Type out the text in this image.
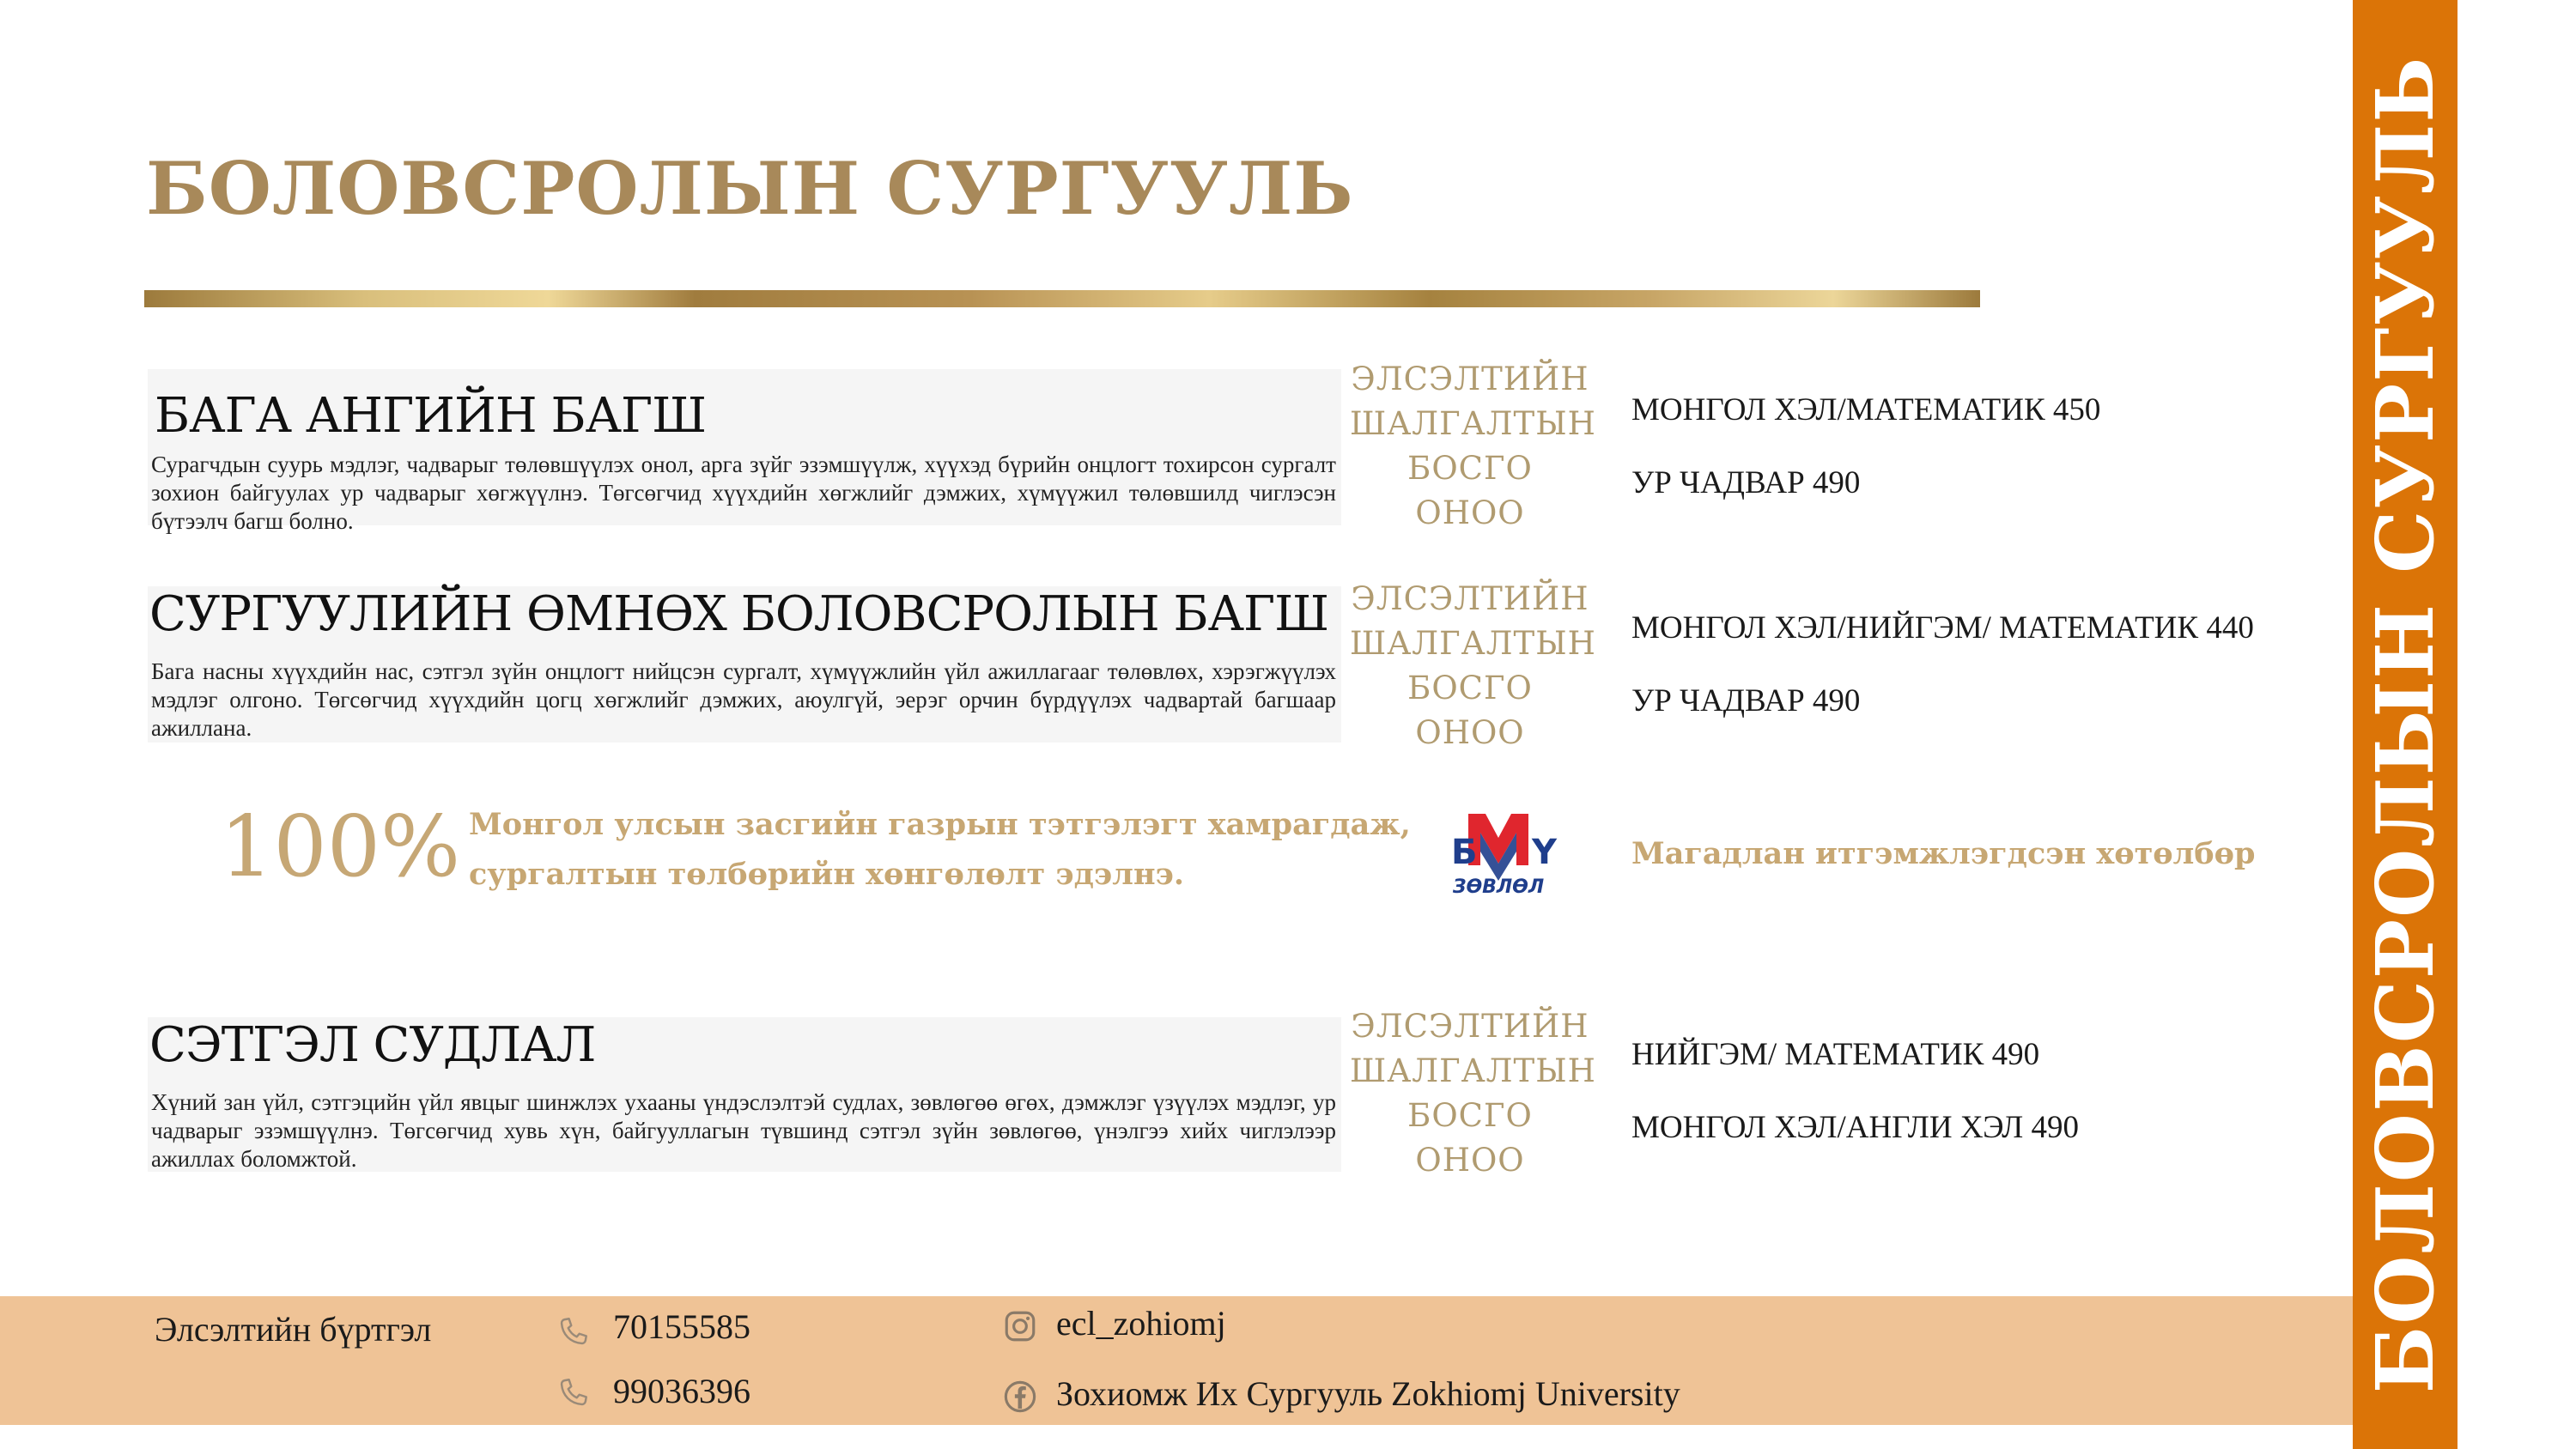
БОЛОВСРОЛЫН СУРГУУЛЬ	БОЛОВСРОЛЫН СУРГУУЛЬ
БАГА АНГИЙН БАГШ
Сурагчдын суурь мэдлэг, чадварыг төлөвшүүлэх онол, арга зүйг эзэмшүүлж, хүүхэд бүрийн онцлогт тохирсон сургалт зохион байгуулах ур чадварыг хөгжүүлнэ. Төгсөгчид хүүхдийн хөгжлийг дэмжих, хүмүүжил төлөвшилд чиглэсэн бүтээлч багш болно.
ЭЛСЭЛТИЙН
ШАЛГАЛТЫН
БОСГО
ОНОО
МОНГОЛ ХЭЛ/МАТЕМАТИК 450
УР ЧАДВАР 490
СУРГУУЛИЙН ӨМНӨХ БОЛОВСРОЛЫН БАГШ
Бага насны хүүхдийн нас, сэтгэл зүйн онцлогт нийцсэн сургалт, хүмүүжлийн үйл ажиллагааг төлөвлөх, хэрэгжүүлэх мэдлэг олгоно. Төгсөгчид хүүхдийн цогц хөгжлийг дэмжих, аюулгүй, эерэг орчин бүрдүүлэх чадвартай багшаар ажиллана.
ЭЛСЭЛТИЙН
ШАЛГАЛТЫН
БОСГО
ОНОО
МОНГОЛ ХЭЛ/НИЙГЭМ/ МАТЕМАТИК 440
УР ЧАДВАР 490
100% Монгол улсын засгийн газрын тэтгэлэгт хамрагдаж,
сургалтын төлбөрийн хөнгөлөлт эдэлнэ.
Б Y
ЗӨВЛӨЛ
Магадлан итгэмжлэгдсэн хөтөлбөр
СЭТГЭЛ СУДЛАЛ
Хүний зан үйл, сэтгэцийн үйл явцыг шинжлэх ухааны үндэслэлтэй судлах, зөвлөгөө өгөх, дэмжлэг үзүүлэх мэдлэг, ур чадварыг эзэмшүүлнэ. Төгсөгчид хувь хүн, байгууллагын түвшинд сэтгэл зүйн зөвлөгөө, үнэлгээ хийх чиглэлээр ажиллах боломжтой.
ЭЛСЭЛТИЙН
ШАЛГАЛТЫН
БОСГО
ОНОО
НИЙГЭМ/ МАТЕМАТИК 490
МОНГОЛ ХЭЛ/АНГЛИ ХЭЛ 490
Элсэлтийн бүртгэл	70155585
99036396
ecl_zohiomj
Зохиомж Их Сургууль Zokhiomj University
